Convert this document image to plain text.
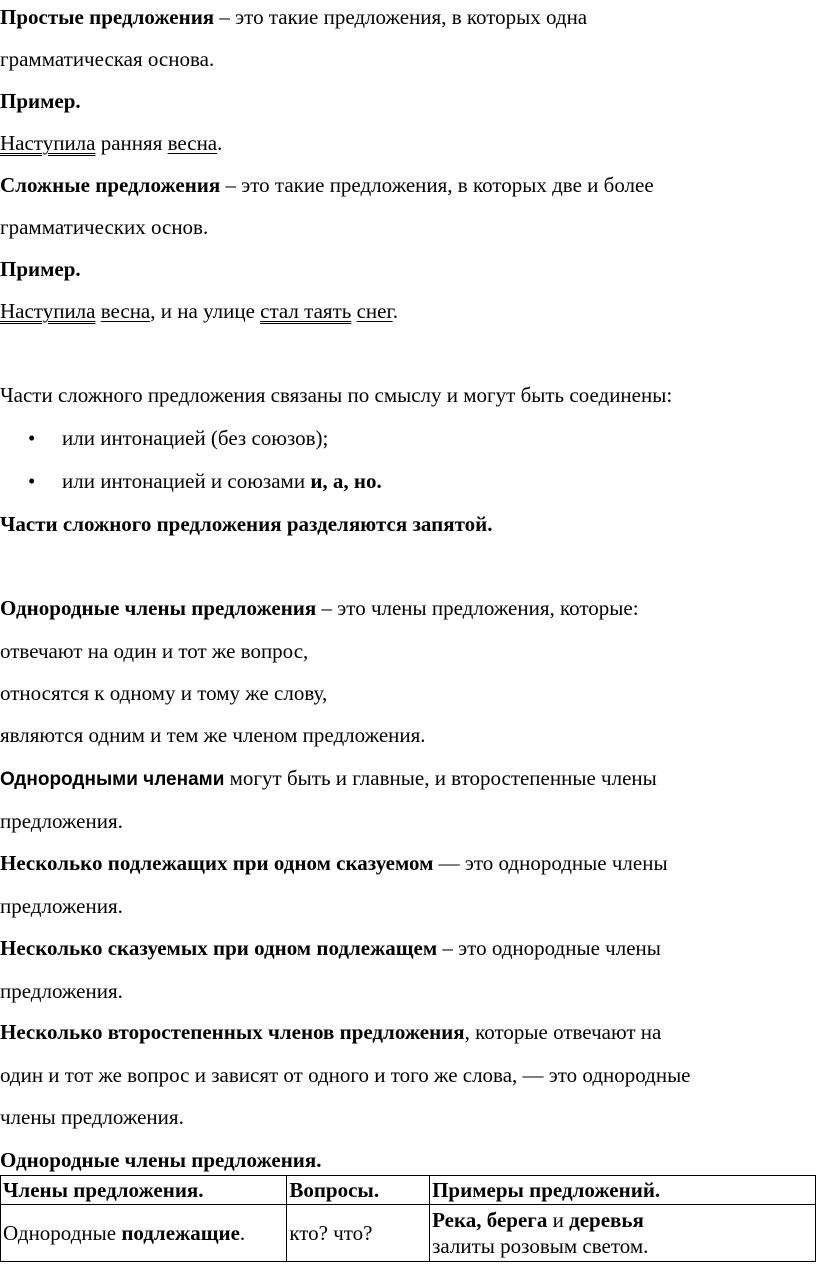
Простые предложения – это такие предложения, в которых одна
грамматическая основа.
Пример.
Наступила ранняя весна.
Сложные предложения – это такие предложения, в которых две и более
грамматических основ.
Пример.
Наступила весна, и на улице стал таять снег.
Части сложного предложения связаны по смыслу и могут быть соединены:
• или интонацией (без союзов);
• или интонацией и союзами и, а, но.
Части сложного предложения разделяются запятой.
Однородные члены предложения – это члены предложения, которые:
отвечают на один и тот же вопрос,
относятся к одному и тому же слову,
являются одним и тем же членом предложения.
Однородными членами могут быть и главные, и второстепенные члены
предложения.
Несколько подлежащих при одном сказуемом — это однородные члены
предложения.
Несколько сказуемых при одном подлежащем – это однородные члены
предложения.
Несколько второстепенных членов предложения, которые отвечают на
один и тот же вопрос и зависят от одного и того же слова, — это однородные
члены предложения.
Однородные члены предложения.
Члены предложения.	Вопросы.	Примеры предложений.
Однородные подлежащие.	кто? что?	Река, берега и деревья
залиты розовым светом.
